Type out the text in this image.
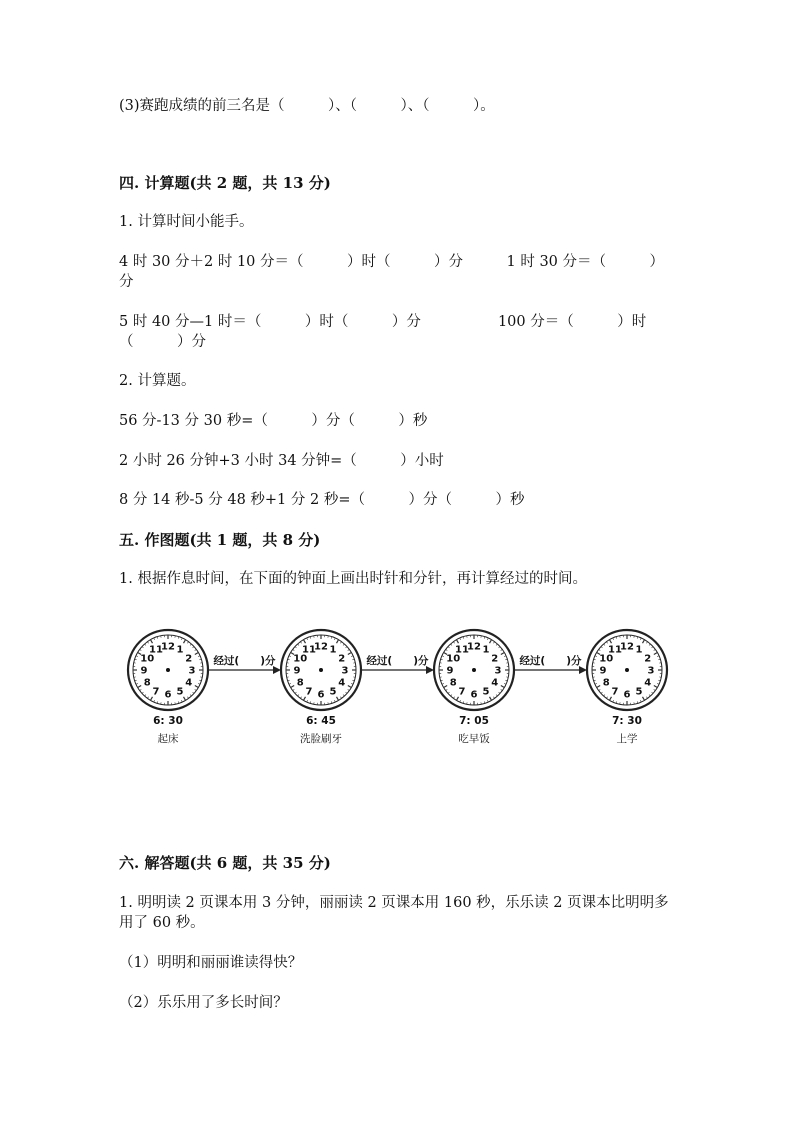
(3)赛跑成绩的前三名是（　　　）、（　　　）、（　　　）。
四. 计算题(共 2 题，共 13 分)
1. 计算时间小能手。
4 时 30 分＋2 时 10 分＝（　　　）时（　　　）分　　　1 时 30 分＝（　　　）
分
5 时 40 分—1 时＝（　　　）时（　　　）分　　　　　 100 分＝（　　　）时
（　　　）分
2. 计算题。
56 分-13 分 30 秒=（　　　）分（　　　）秒
2 小时 26 分钟+3 小时 34 分钟=（　　　）小时
8 分 14 秒-5 分 48 秒+1 分 2 秒=（　　　）分（　　　）秒
五. 作图题(共 1 题，共 8 分)
1. 根据作息时间，在下面的钟面上画出时针和分针，再计算经过的时间。
12 1
2
3
4
5
6
7
8
9
10
11
6: 30
起床
经过(　　)分
12 1
2
3
4
5
6
7
8
9
10
11
6: 45
洗脸刷牙
经过(　　)分
12 1
2
3
4
5
6
7
8
9
10
11
7: 05
吃早饭
经过(　　)分
12 1
2
3
4
5
6
7
8
9
10
11
7: 30
上学
六. 解答题(共 6 题，共 35 分)
1. 明明读 2 页课本用 3 分钟，丽丽读 2 页课本用 160 秒，乐乐读 2 页课本比明明多用了 60 秒。
（1）明明和丽丽谁读得快？
（2）乐乐用了多长时间？
